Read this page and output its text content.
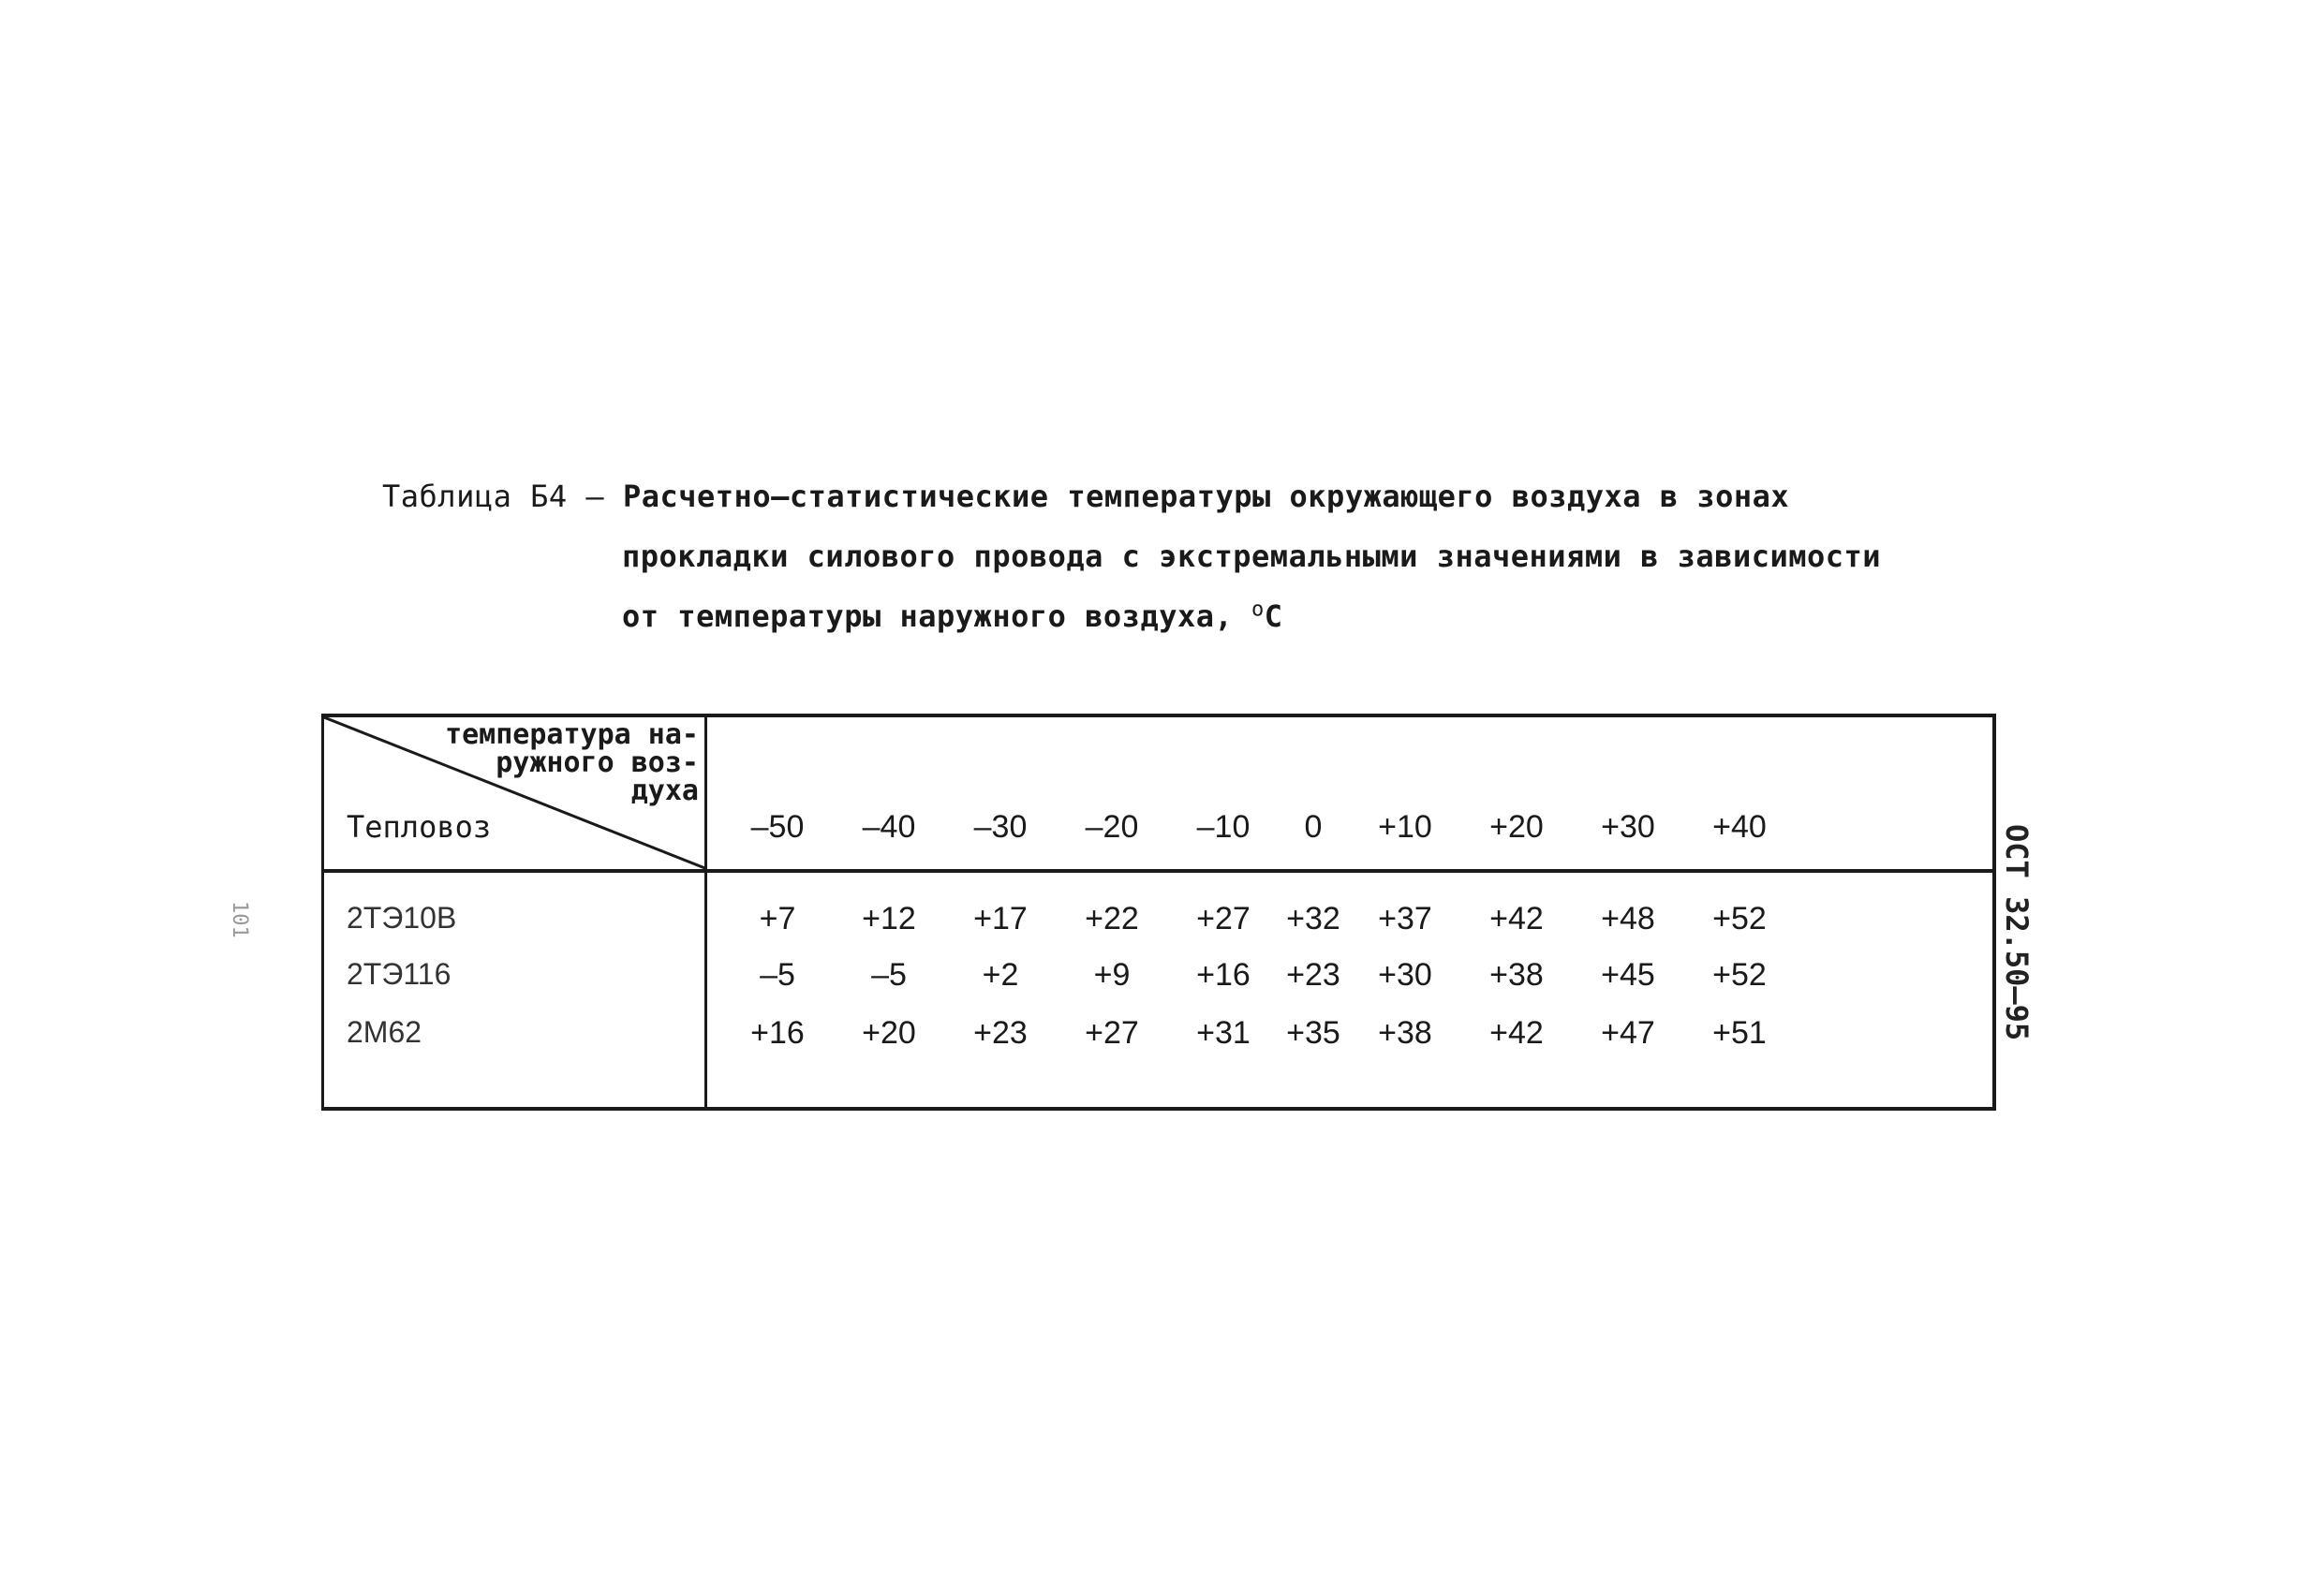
Таблица Б4 – Расчетно–статистические температуры окружающего воздуха в зонах
прокладки силового провода с экстремальными значениями в зависимости
от температуры наружного воздуха, $^о$С
температура на-
ружного воз-
духа
Тепловоз	–50 –40 –30 –20 –10 0 +10 +20 +30 +40
2ТЭ10В	+7 +12 +17 +22 +27 +32 +37 +42 +48 +52
2ТЭ116	–5 –5 +2 +9 +16 +23 +30 +38 +45 +52
2М62	+16 +20 +23 +27 +31 +35 +38 +42 +47 +51	ОСТ 32.50–95
101
